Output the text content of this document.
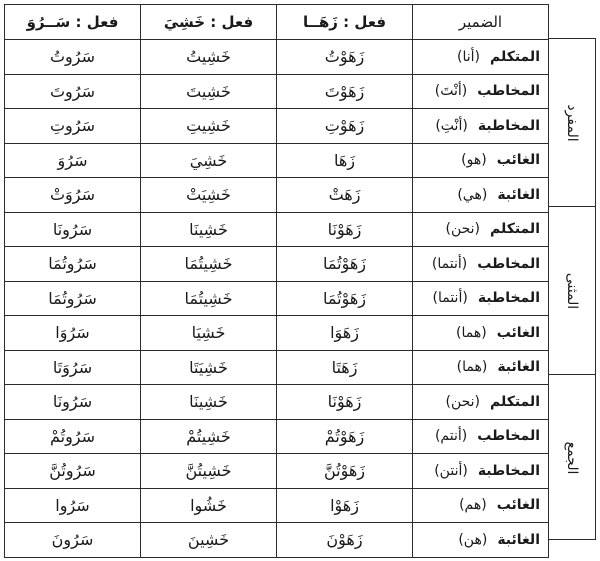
فعل : سَــرُوَ	فعل : خَشِيَ	فعل : زَهَــا	الضمير
سَرُوتُ	خَشِيتُ	زَهَوْتُ	المتكلم(أنا)
سَرُوتَ	خَشِيتَ	زَهَوْتَ	المخاطب(أنْتَ)
سَرُوتِ	خَشِيتِ	زَهَوْتِ	المخاطبة(أنْتِ)
سَرُوَ	خَشِيَ	زَهَا	الغائب(هو)
سَرُوَتْ	خَشِيَتْ	زَهَتْ	الغائبة(هي)
سَرُونَا	خَشِينَا	زَهَوْنَا	المتكلم(نحن)
سَرُوتُمَا	خَشِيتُمَا	زَهَوْتُمَا	المخاطب(أنتما)
سَرُوتُمَا	خَشِيتُمَا	زَهَوْتُمَا	المخاطبة(أنتما)
سَرُوَا	خَشِيَا	زَهَوَا	الغائب(هما)
سَرُوَتَا	خَشِيَتَا	زَهَتَا	الغائبة(هما)
سَرُونَا	خَشِينَا	زَهَوْنَا	المتكلم(نحن)
سَرُوتُمْ	خَشِيتُمْ	زَهَوْتُمْ	المخاطب(أنتم)
سَرُوتُنَّ	خَشِيتُنَّ	زَهَوْتُنَّ	المخاطبة(أنتن)
سَرُوا	خَشُوا	زَهَوْا	الغائب(هم)
سَرُونَ	خَشِينَ	زَهَوْنَ	الغائبة(هن)
المفرد
المثنى
الجمع
